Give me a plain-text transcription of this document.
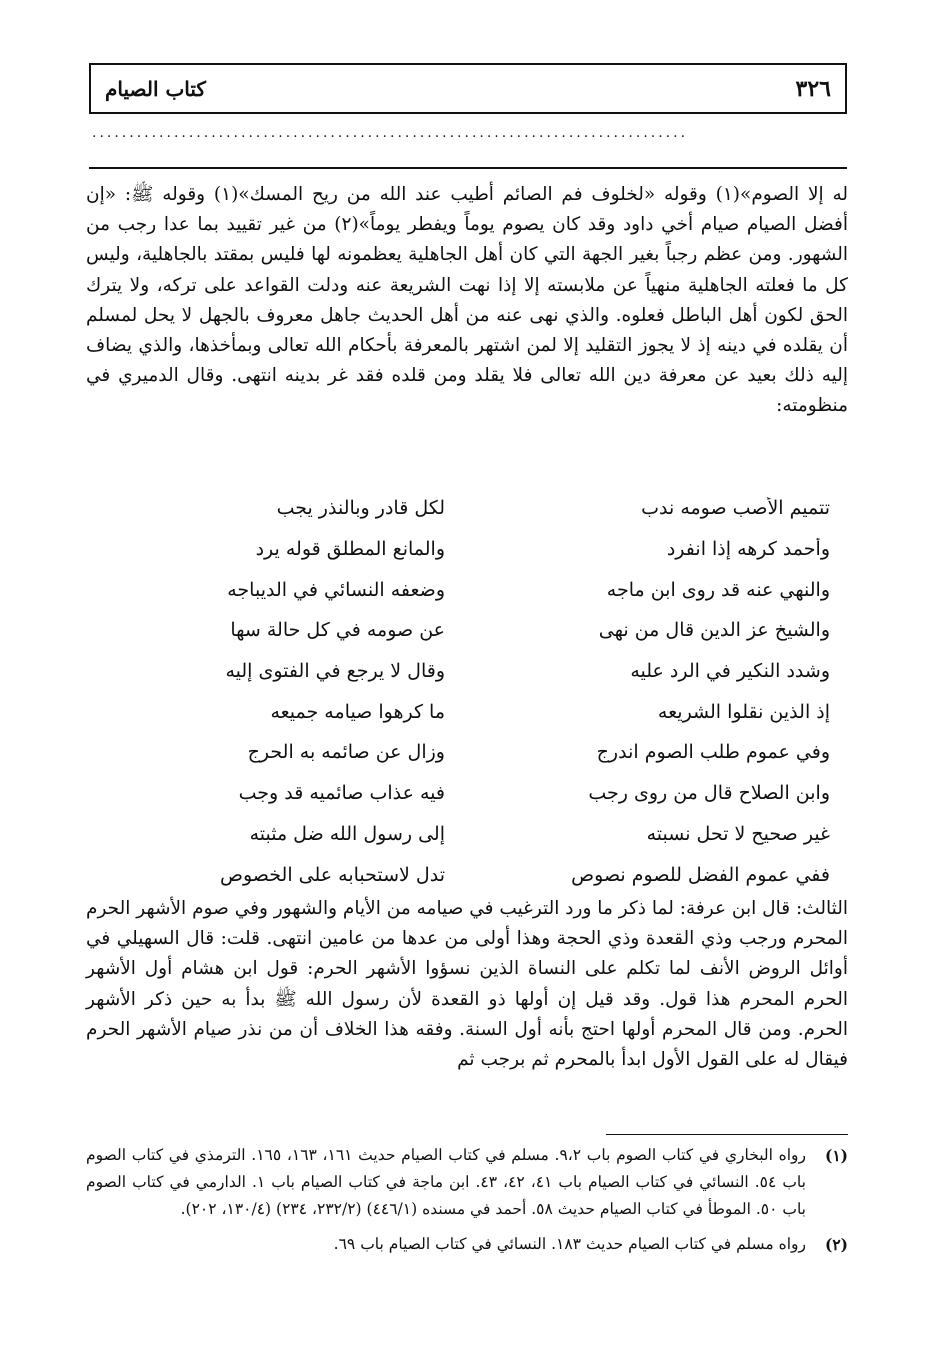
٣٢٦
كتاب الصيام
................................................................................

له إلا الصوم»(١) وقوله «لخلوف فم الصائم أطيب عند الله من ريح المسك»(١) وقوله ﷺ: «إن أفضل الصيام صيام أخي داود وقد كان يصوم يوماً ويفطر يوماً»(٢) من غير تقييد بما عدا رجب من الشهور. ومن عظم رجباً بغير الجهة التي كان أهل الجاهلية يعظمونه لها فليس بمقتد بالجاهلية، وليس كل ما فعلته الجاهلية منهياً عن ملابسته إلا إذا نهت الشريعة عنه ودلت القواعد على تركه، ولا يترك الحق لكون أهل الباطل فعلوه. والذي نهى عنه من أهل الحديث جاهل معروف بالجهل لا يحل لمسلم أن يقلده في دينه إذ لا يجوز التقليد إلا لمن اشتهر بالمعرفة بأحكام الله تعالى وبمأخذها، والذي يضاف إليه ذلك بعيد عن معرفة دين الله تعالى فلا يقلد ومن قلده فقد غر بدينه انتهى. وقال الدميري في منظومته:

تتميم الأصب صومه ندب
لكل قادر وبالنذر يجب
وأحمد كرهه إذا انفرد
والمانع المطلق قوله يرد
والنهي عنه قد روى ابن ماجه
وضعفه النسائي في الديباجه
والشيخ عز الدين قال من نهى
عن صومه في كل حالة سها
وشدد النكير في الرد عليه
وقال لا يرجع في الفتوى إليه
إذ الذين نقلوا الشريعه
ما كرهوا صيامه جميعه
وفي عموم طلب الصوم اندرج
وزال عن صائمه به الحرج
وابن الصلاح قال من روى رجب
فيه عذاب صائميه قد وجب
غير صحيح لا تحل نسبته
إلى رسول الله ضل مثبته
ففي عموم الفضل للصوم نصوص
تدل لاستحبابه على الخصوص

الثالث: قال ابن عرفة: لما ذكر ما ورد الترغيب في صيامه من الأيام والشهور وفي صوم الأشهر الحرم المحرم ورجب وذي القعدة وذي الحجة وهذا أولى من عدها من عامين انتهى. قلت: قال السهيلي في أوائل الروض الأنف لما تكلم على النساة الذين نسؤوا الأشهر الحرم: قول ابن هشام أول الأشهر الحرم المحرم هذا قول. وقد قيل إن أولها ذو القعدة لأن رسول الله ﷺ بدأ به حين ذكر الأشهر الحرم. ومن قال المحرم أولها احتج بأنه أول السنة. وفقه هذا الخلاف أن من نذر صيام الأشهر الحرم فيقال له على القول الأول ابدأ بالمحرم ثم برجب ثم

(١)
رواه البخاري في كتاب الصوم باب ٩،٢. مسلم في كتاب الصيام حديث ١٦١، ١٦٣، ١٦٥. الترمذي في كتاب الصوم باب ٥٤. النسائي في كتاب الصيام باب ٤١، ٤٢، ٤٣. ابن ماجة في كتاب الصيام باب ١. الدارمي في كتاب الصوم باب ٥٠. الموطأ في كتاب الصيام حديث ٥٨. أحمد في مسنده (٤٤٦/١) (٢٣٢/٢، ٢٣٤) (١٣٠/٤، ٢٠٢).
(٢)
رواه مسلم في كتاب الصيام حديث ١٨٣. النسائي في كتاب الصيام باب ٦٩.
